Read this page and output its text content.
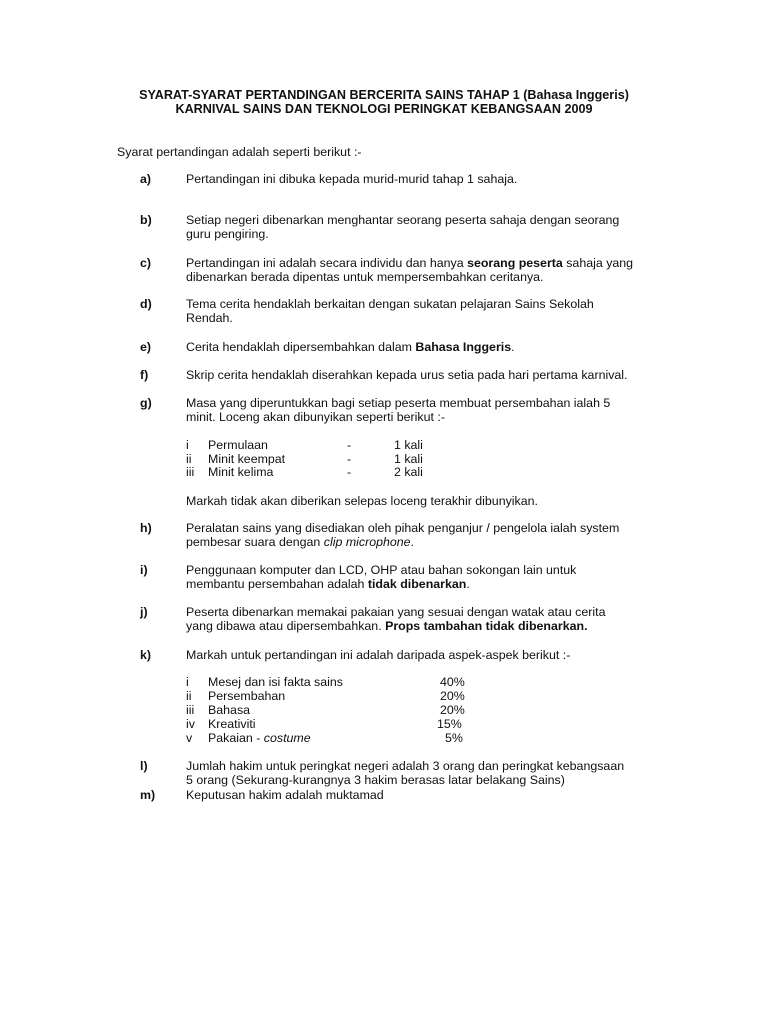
SYARAT-SYARAT PERTANDINGAN BERCERITA SAINS TAHAP 1 (Bahasa Inggeris)
KARNIVAL SAINS DAN TEKNOLOGI PERINGKAT KEBANGSAAN 2009
Syarat pertandingan adalah seperti berikut :-
a)	Pertandingan ini dibuka kepada murid-murid tahap 1 sahaja.

b)	Setiap negeri dibenarkan menghantar seorang peserta sahaja dengan seorang

guru pengiring.

c)	Pertandingan ini adalah secara individu dan hanya seorang peserta sahaja yang

dibenarkan berada dipentas untuk mempersembahkan ceritanya.

d)	Tema cerita hendaklah berkaitan dengan sukatan pelajaran Sains Sekolah

Rendah.

e)	Cerita hendaklah dipersembahkan dalam Bahasa Inggeris.

f)	Skrip cerita hendaklah diserahkan kepada urus setia pada hari pertama karnival.

g)	Masa yang diperuntukkan bagi setiap peserta membuat persembahan ialah 5

minit. Loceng akan dibunyikan seperti berikut :-

i Permulaan	-	1 kali
ii Minit keempat	-	1 kali
iii Minit kelima	-	2 kali
Markah tidak akan diberikan selepas loceng terakhir dibunyikan.
h)	Peralatan sains yang disediakan oleh pihak penganjur / pengelola ialah system

pembesar suara dengan clip microphone.

i)	Penggunaan komputer dan LCD, OHP atau bahan sokongan lain untuk

membantu persembahan adalah tidak dibenarkan.

j)	Peserta dibenarkan memakai pakaian yang sesuai dengan watak atau cerita

yang dibawa atau dipersembahkan. Props tambahan tidak dibenarkan.

k)	Markah untuk pertandingan ini adalah daripada aspek-aspek berikut :-

i Mesej dan isi fakta sains	40%
ii Persembahan	20%
iii Bahasa	20%
iv Kreativiti	15%
v Pakaian - costume	5%
l)	Jumlah hakim untuk peringkat negeri adalah 3 orang dan peringkat kebangsaan

5 orang (Sekurang-kurangnya 3 hakim berasas latar belakang Sains)

m) Keputusan hakim adalah muktamad
